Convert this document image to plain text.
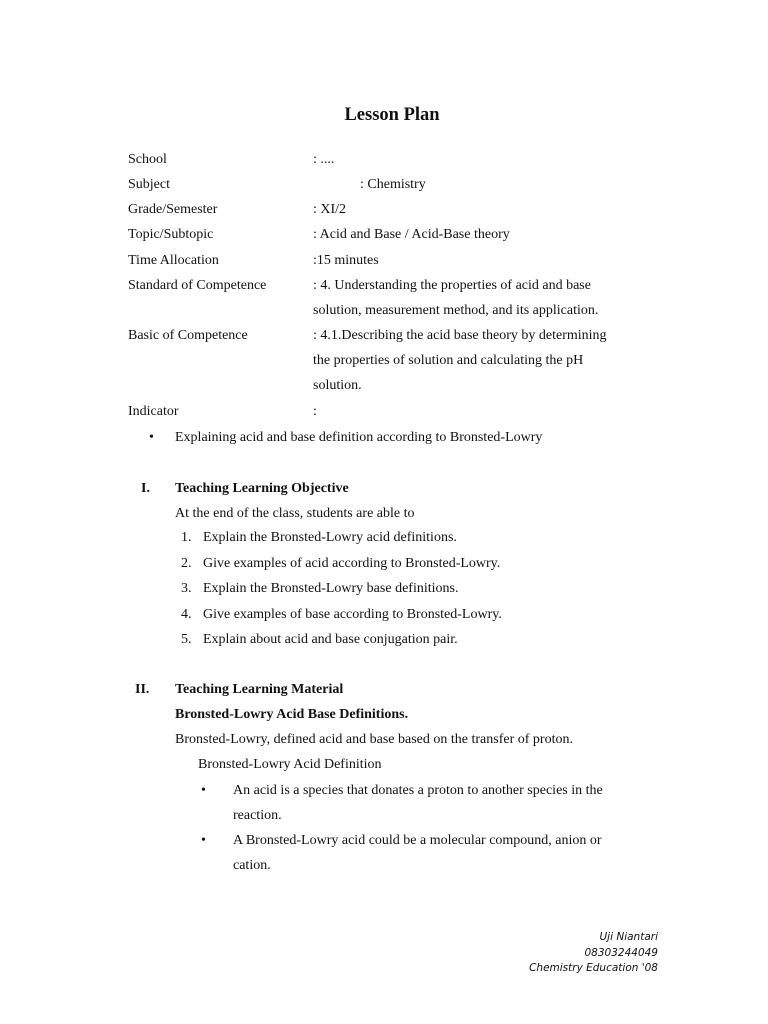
Lesson Plan
School	: ....
Subject	: Chemistry
Grade/Semester	: XI/2
Topic/Subtopic	: Acid and Base / Acid-Base theory
Time Allocation	:15 minutes
Standard of Competence	: 4. Understanding the properties of acid and base
solution, measurement method, and its application.
Basic of Competence	: 4.1.Describing the acid base theory by determining
the properties of solution and calculating the pH
solution.
Indicator	:
• Explaining acid and base definition according to Bronsted-Lowry
I. Teaching Learning Objective
At the end of the class, students are able to
1. Explain the Bronsted-Lowry acid definitions.
2. Give examples of acid according to Bronsted-Lowry.
3. Explain the Bronsted-Lowry base definitions.
4. Give examples of base according to Bronsted-Lowry.
5. Explain about acid and base conjugation pair.
II. Teaching Learning Material
Bronsted-Lowry Acid Base Definitions.
Bronsted-Lowry, defined acid and base based on the transfer of proton.
Bronsted-Lowry Acid Definition
• An acid is a species that donates a proton to another species in the
reaction.
• A Bronsted-Lowry acid could be a molecular compound, anion or
cation.
Uji Niantari
08303244049
Chemistry Education '08
